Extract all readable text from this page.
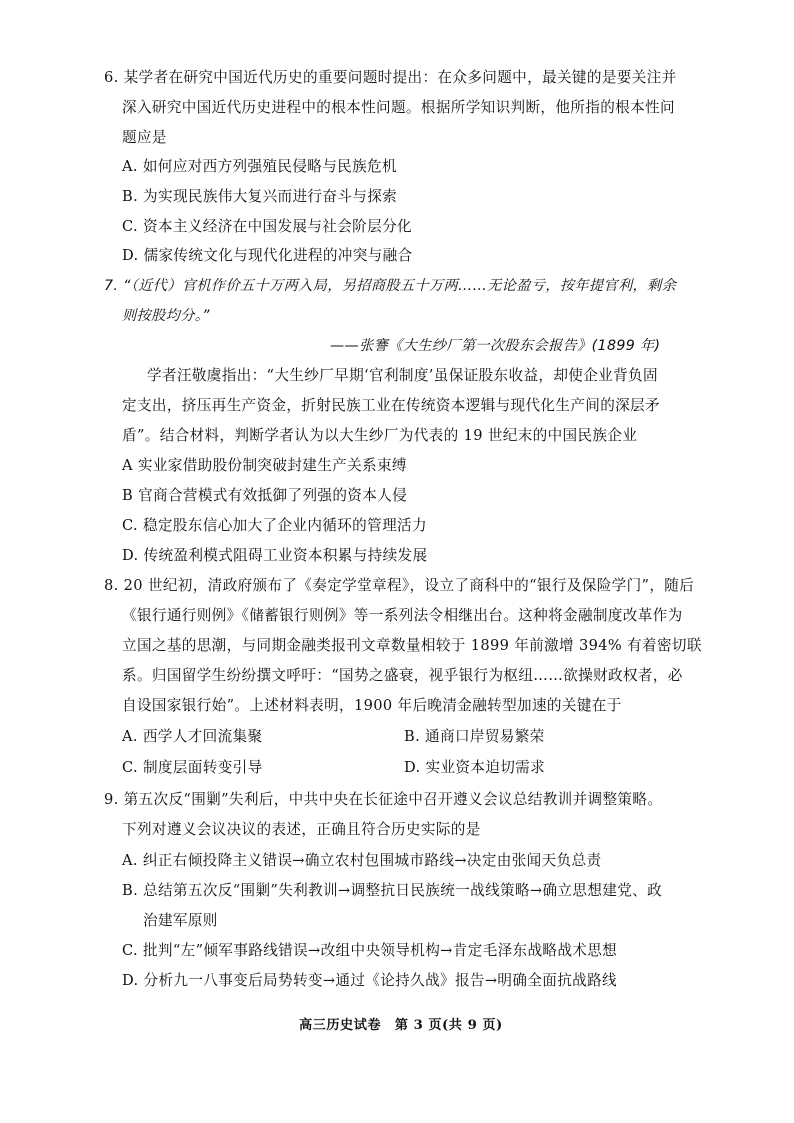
6. 某学者在研究中国近代历史的重要问题时提出：在众多问题中，最关键的是要关注并
深入研究中国近代历史进程中的根本性问题。根据所学知识判断，他所指的根本性问
题应是
A. 如何应对西方列强殖民侵略与民族危机
B. 为实现民族伟大复兴而进行奋斗与探索
C. 资本主义经济在中国发展与社会阶层分化
D. 儒家传统文化与现代化进程的冲突与融合
7. “（近代）官机作价五十万两入局，另招商股五十万两……无论盈亏，按年提官利，剩余
则按股均分。”
——张謇《大生纱厂第一次股东会报告》(1899 年)
学者汪敬虞指出：“大生纱厂早期‘官利制度’虽保证股东收益，却使企业背负固
定支出，挤压再生产资金，折射民族工业在传统资本逻辑与现代化生产间的深层矛
盾”。结合材料，判断学者认为以大生纱厂为代表的 19 世纪末的中国民族企业
A 实业家借助股份制突破封建生产关系束缚
B 官商合营模式有效抵御了列强的资本人侵
C. 稳定股东信心加大了企业内循环的管理活力
D. 传统盈利模式阻碍工业资本积累与持续发展
8. 20 世纪初，清政府颁布了《奏定学堂章程》，设立了商科中的“银行及保险学门”，随后
《银行通行则例》《储蓄银行则例》等一系列法令相继出台。这种将金融制度改革作为
立国之基的思潮，与同期金融类报刊文章数量相较于 1899 年前激增 394% 有着密切联
系。归国留学生纷纷撰文呼吁：“国势之盛衰，视乎银行为枢纽……欲操财政权者，必
自设国家银行始”。上述材料表明，1900 年后晚清金融转型加速的关键在于
A. 西学人才回流集聚	B. 通商口岸贸易繁荣
C. 制度层面转变引导	D. 实业资本迫切需求
9. 第五次反“围剿”失利后，中共中央在长征途中召开遵义会议总结教训并调整策略。
下列对遵义会议决议的表述，正确且符合历史实际的是
A. 纠正右倾投降主义错误→确立农村包围城市路线→决定由张闻天负总责
B. 总结第五次反“围剿”失利教训→调整抗日民族统一战线策略→确立思想建党、政
治建军原则
C. 批判“左”倾军事路线错误→改组中央领导机构→肯定毛泽东战略战术思想
D. 分析九一八事变后局势转变→通过《论持久战》报告→明确全面抗战路线
高三历史试卷　第 3 页(共 9 页)
